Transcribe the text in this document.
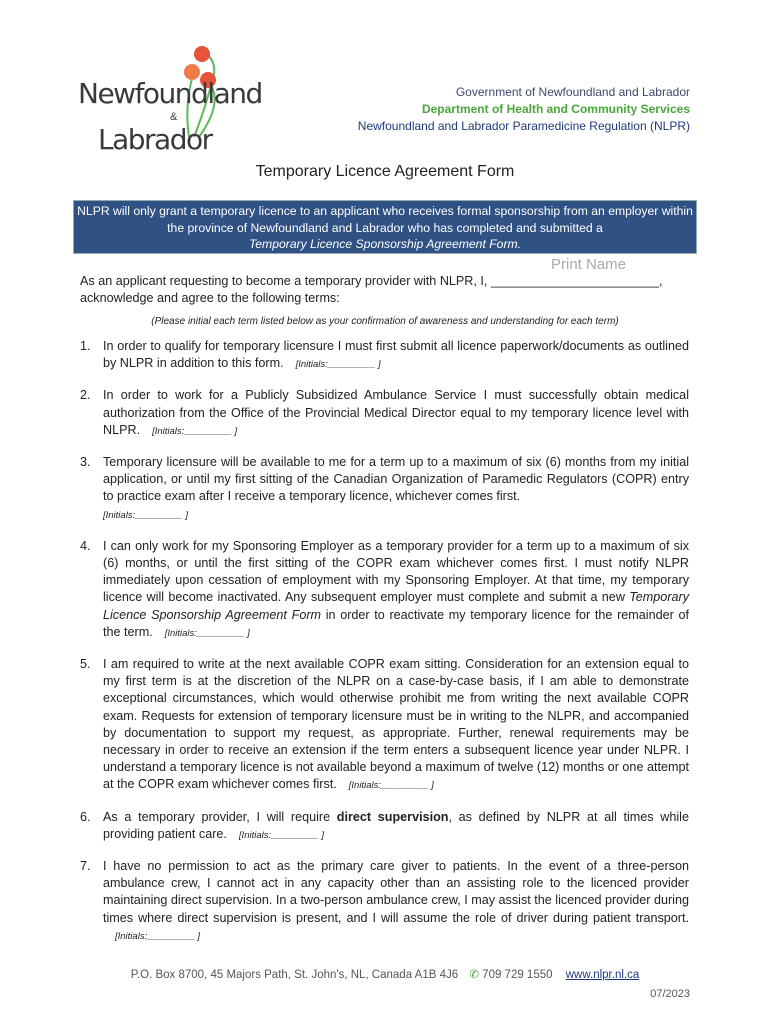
Newfoundland
&
Labrador
Government of Newfoundland and Labrador
Department of Health and Community Services
Newfoundland and Labrador Paramedicine Regulation (NLPR)
Temporary Licence Agreement Form
NLPR will only grant a temporary licence to an applicant who receives formal sponsorship from an employer within the province of Newfoundland and Labrador who has completed and submitted a
Temporary Licence Sponsorship Agreement Form.
Print Name
As an applicant requesting to become a temporary provider with NLPR, I, ________________________,
acknowledge and agree to the following terms:
(Please initial each term listed below as your confirmation of awareness and understanding for each term)
1. In order to qualify for temporary licensure I must first submit all licence paperwork/documents as outlined by NLPR in addition to this form. [Initials:_________ ]
2. In order to work for a Publicly Subsidized Ambulance Service I must successfully obtain medical authorization from the Office of the Provincial Medical Director equal to my temporary licence level with NLPR. [Initials:_________ ]
3. Temporary licensure will be available to me for a term up to a maximum of six (6) months from my initial application, or until my first sitting of the Canadian Organization of Paramedic Regulators (COPR) entry to practice exam after I receive a temporary licence, whichever comes first.
[Initials:_________ ]
4. I can only work for my Sponsoring Employer as a temporary provider for a term up to a maximum of six (6) months, or until the first sitting of the COPR exam whichever comes first. I must notify NLPR immediately upon cessation of employment with my Sponsoring Employer. At that time, my temporary licence will become inactivated. Any subsequent employer must complete and submit a new Temporary Licence Sponsorship Agreement Form in order to reactivate my temporary licence for the remainder of the term. [Initials:_________ ]
5. I am required to write at the next available COPR exam sitting. Consideration for an extension equal to my first term is at the discretion of the NLPR on a case-by-case basis, if I am able to demonstrate exceptional circumstances, which would otherwise prohibit me from writing the next available COPR exam. Requests for extension of temporary licensure must be in writing to the NLPR, and accompanied by documentation to support my request, as appropriate. Further, renewal requirements may be necessary in order to receive an extension if the term enters a subsequent licence year under NLPR. I understand a temporary licence is not available beyond a maximum of twelve (12) months or one attempt at the COPR exam whichever comes first. [Initials:_________ ]
6. As a temporary provider, I will require direct supervision, as defined by NLPR at all times while providing patient care. [Initials:_________ ]
7. I have no permission to act as the primary care giver to patients. In the event of a three-person ambulance crew, I cannot act in any capacity other than an assisting role to the licenced provider maintaining direct supervision. In a two-person ambulance crew, I may assist the licenced provider during times where direct supervision is present, and I will assume the role of driver during patient transport.[Initials:_________ ]
P.O. Box 8700, 45 Majors Path, St. John's, NL, Canada A1B 4J6 ✆ 709 729 1550 www.nlpr.nl.ca
07/2023
